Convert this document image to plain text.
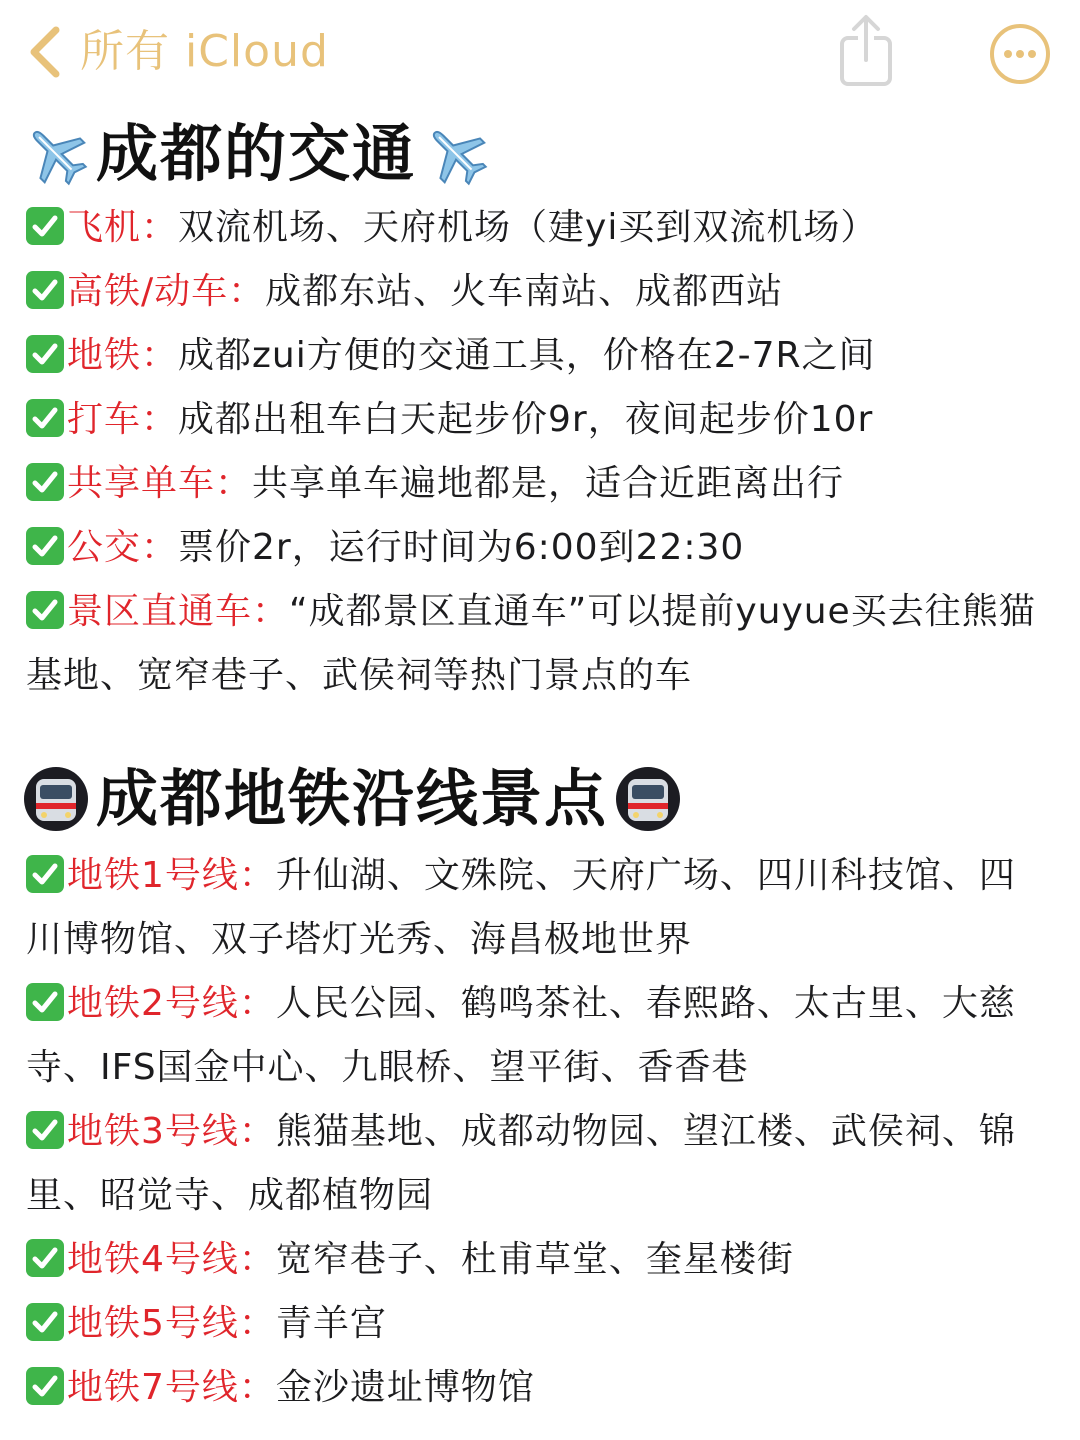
所有 iCloud
成都的交通
飞机：双流机场、天府机场（建yi买到双流机场）
高铁/动车：成都东站、火车南站、成都西站
地铁：成都zui方便的交通工具，价格在2-7R之间
打车：成都出租车白天起步价9r，夜间起步价10r
共享单车：共享单车遍地都是，适合近距离出行
公交：票价2r，运行时间为6:00到22:30
景区直通车：“成都景区直通车”可以提前yuyue买去往熊猫基地、宽窄巷子、武侯祠等热门景点的车
成都地铁沿线景点
地铁1号线：升仙湖、文殊院、天府广场、四川科技馆、四川博物馆、双子塔灯光秀、海昌极地世界
地铁2号线：人民公园、鹤鸣茶社、春熙路、太古里、大慈寺、IFS国金中心、九眼桥、望平街、香香巷
地铁3号线：熊猫基地、成都动物园、望江楼、武侯祠、锦里、昭觉寺、成都植物园
地铁4号线：宽窄巷子、杜甫草堂、奎星楼街
地铁5号线：青羊宫
地铁7号线：金沙遗址博物馆
